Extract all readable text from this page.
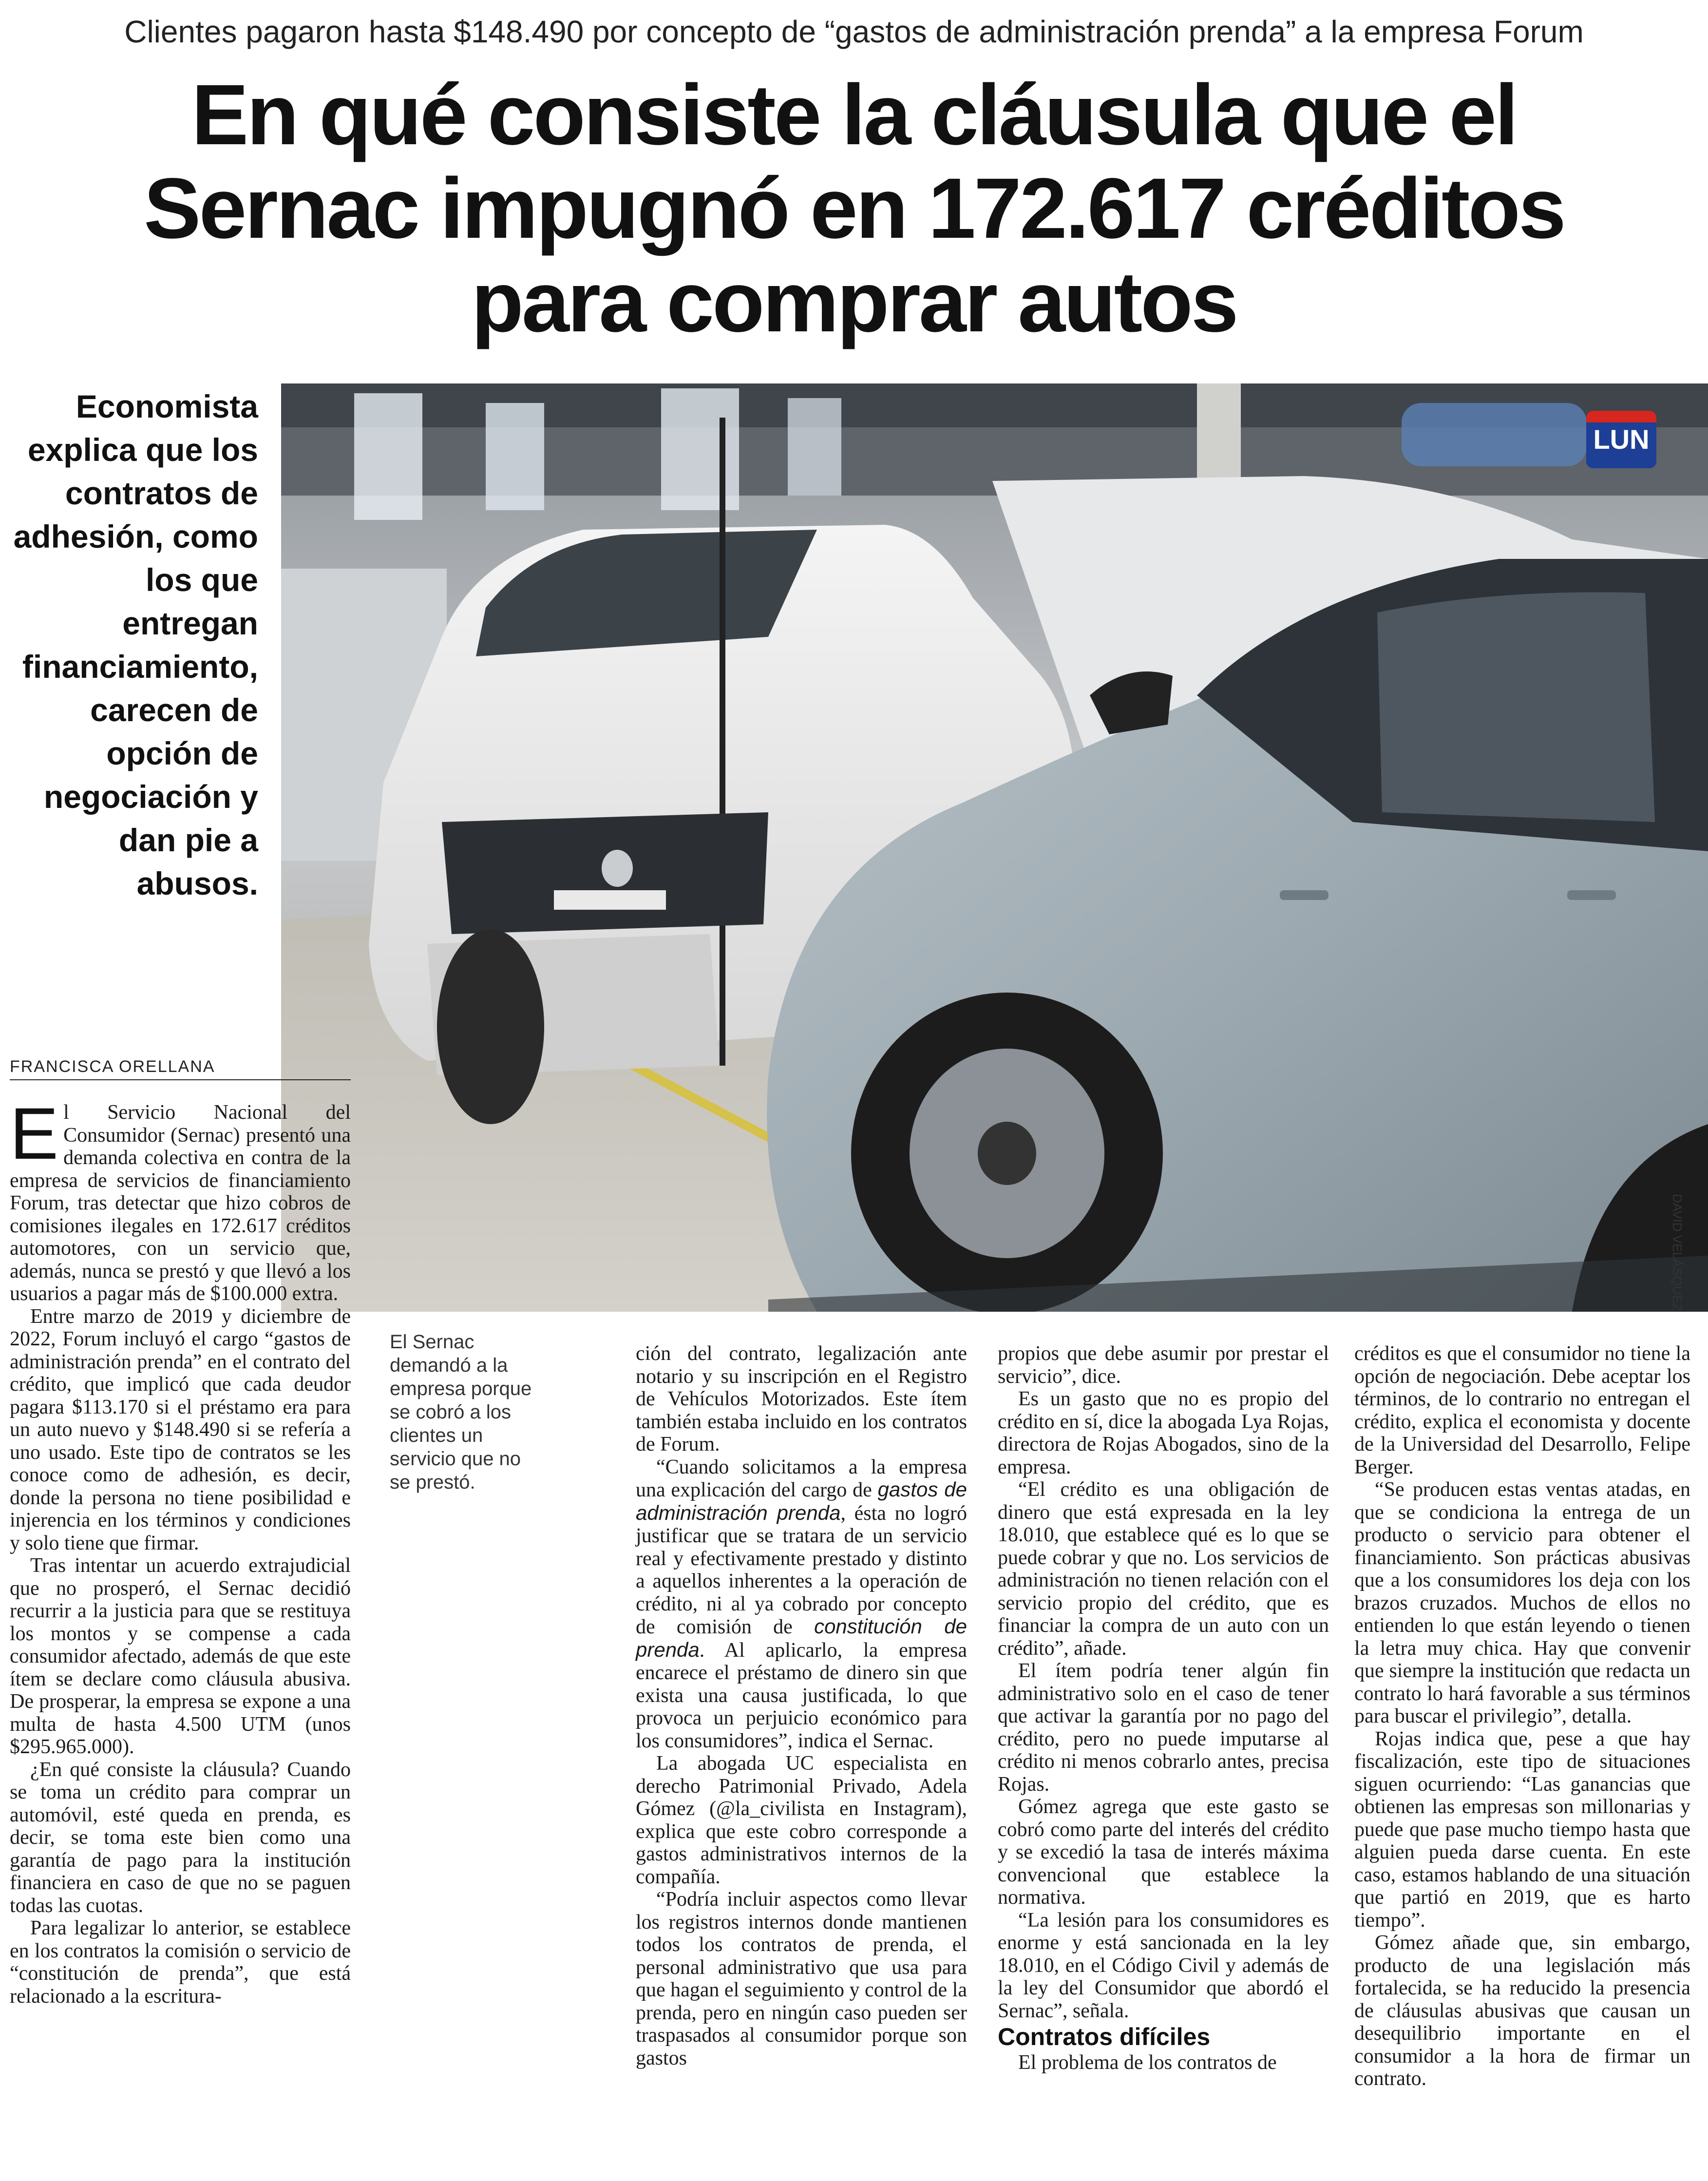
Clientes pagaron hasta $148.490 por concepto de “gastos de administración prenda” a la empresa Forum
En qué consiste la cláusula que el
Sernac impugnó en 172.617 créditos
para comprar autos
Economista explica que los contratos de adhesión, como los que entregan financiamiento, carecen de opción de negociación y dan pie a abusos.
LUN
DAVID VELÁSQUEZ
FRANCISCA ORELLANA

El Servicio Nacional del Consumidor (Sernac) presentó una demanda colectiva en contra de la empresa de servicios de financiamiento Forum, tras detectar que hizo cobros de comisiones ilegales en 172.617 créditos automotores, con un servicio que, además, nunca se prestó y que llevó a los usuarios a pagar más de $100.000 extra.

Entre marzo de 2019 y diciembre de 2022, Forum incluyó el cargo “gastos de administración prenda” en el contrato del crédito, que implicó que cada deudor pagara $113.170 si el préstamo era para un auto nuevo y $148.490 si se refería a uno usado. Este tipo de contratos se les conoce como de adhesión, es decir, donde la persona no tiene posibilidad e injerencia en los términos y condiciones y solo tiene que firmar.

Tras intentar un acuerdo extrajudicial que no prosperó, el Sernac decidió recurrir a la justicia para que se restituya los montos y se compense a cada consumidor afectado, además de que este ítem se declare como cláusula abusiva. De prosperar, la empresa se expone a una multa de hasta 4.500 UTM (unos $295.965.000).

¿En qué consiste la cláusula? Cuando se toma un crédito para comprar un automóvil, esté queda en prenda, es decir, se toma este bien como una garantía de pago para la institución financiera en caso de que no se paguen todas las cuotas.

Para legalizar lo anterior, se establece en los contratos la comisión o servicio de “constitución de prenda”, que está relacionado a la escritura-

El Sernac demandó a la empresa porque se cobró a los clientes un servicio que no se prestó.

ción del contrato, legalización ante notario y su inscripción en el Registro de Vehículos Motorizados. Este ítem también estaba incluido en los contratos de Forum.

“Cuando solicitamos a la empresa una explicación del cargo de gastos de administración prenda, ésta no logró justificar que se tratara de un servicio real y efectivamente prestado y distinto a aquellos inherentes a la operación de crédito, ni al ya cobrado por concepto de comisión de constitución de prenda. Al aplicarlo, la empresa encarece el préstamo de dinero sin que exista una causa justificada, lo que provoca un perjuicio económico para los consumidores”, indica el Sernac.

La abogada UC especialista en derecho Patrimonial Privado, Adela Gómez (@la_civilista en Instagram), explica que este cobro corresponde a gastos administrativos internos de la compañía.

“Podría incluir aspectos como llevar los registros internos donde mantienen todos los contratos de prenda, el personal administrativo que usa para que hagan el seguimiento y control de la prenda, pero en ningún caso pueden ser traspasados al consumidor porque son gastos

propios que debe asumir por prestar el servicio”, dice.

Es un gasto que no es propio del crédito en sí, dice la abogada Lya Rojas, directora de Rojas Abogados, sino de la empresa.

“El crédito es una obligación de dinero que está expresada en la ley 18.010, que establece qué es lo que se puede cobrar y que no. Los servicios de administración no tienen relación con el servicio propio del crédito, que es financiar la compra de un auto con un crédito”, añade.

El ítem podría tener algún fin administrativo solo en el caso de tener que activar la garantía por no pago del crédito, pero no puede imputarse al crédito ni menos cobrarlo antes, precisa Rojas.

Gómez agrega que este gasto se cobró como parte del interés del crédito y se excedió la tasa de interés máxima convencional que establece la normativa.

“La lesión para los consumidores es enorme y está sancionada en la ley 18.010, en el Código Civil y además de la ley del Consumidor que abordó el Sernac”, señala.

Contratos difíciles

El problema de los contratos de

créditos es que el consumidor no tiene la opción de negociación. Debe aceptar los términos, de lo contrario no entregan el crédito, explica el economista y docente de la Universidad del Desarrollo, Felipe Berger.

“Se producen estas ventas atadas, en que se condiciona la entrega de un producto o servicio para obtener el financiamiento. Son prácticas abusivas que a los consumidores los deja con los brazos cruzados. Muchos de ellos no entienden lo que están leyendo o tienen la letra muy chica. Hay que convenir que siempre la institución que redacta un contrato lo hará favorable a sus términos para buscar el privilegio”, detalla.

Rojas indica que, pese a que hay fiscalización, este tipo de situaciones siguen ocurriendo: “Las ganancias que obtienen las empresas son millonarias y puede que pase mucho tiempo hasta que alguien pueda darse cuenta. En este caso, estamos hablando de una situación que partió en 2019, que es harto tiempo”.

Gómez añade que, sin embargo, producto de una legislación más fortalecida, se ha reducido la presencia de cláusulas abusivas que causan un desequilibrio importante en el consumidor a la hora de firmar un contrato.
